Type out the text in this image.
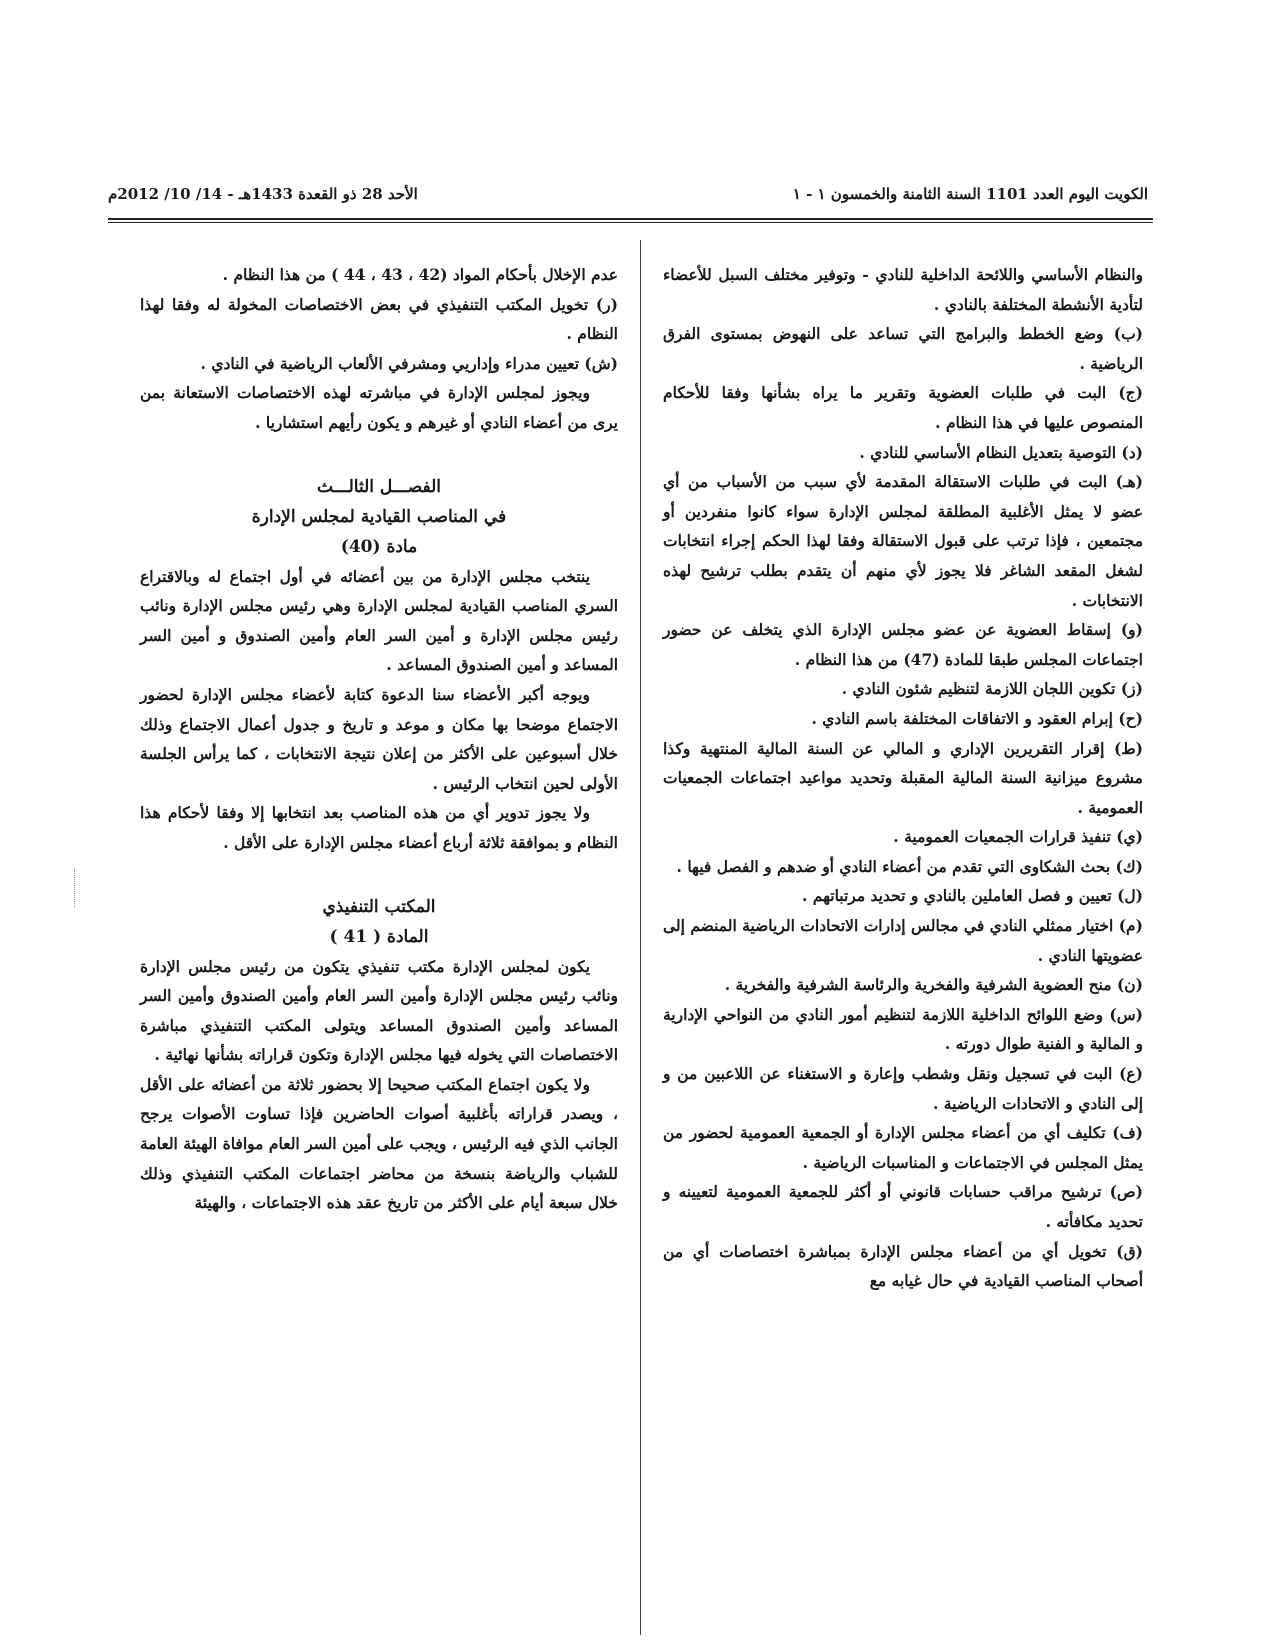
الكويت اليوم العدد 1101 السنة الثامنة والخمسون ١ - ١
الأحد 28 ذو القعدة 1433هـ - 14/ 10/ 2012م

والنظام الأساسي واللائحة الداخلية للنادي - وتوفير مختلف السبل للأعضاء لتأدية الأنشطة المختلفة بالنادي .

(ب) وضع الخطط والبرامج التي تساعد على النهوض بمستوى الفرق الرياضية .

(ج) البت في طلبات العضوية وتقرير ما يراه بشأنها وفقا للأحكام المنصوص عليها في هذا النظام .

(د) التوصية بتعديل النظام الأساسي للنادي .

(هـ) البت في طلبات الاستقالة المقدمة لأي سبب من الأسباب من أي عضو لا يمثل الأغلبية المطلقة لمجلس الإدارة سواء كانوا منفردين أو مجتمعين ، فإذا ترتب على قبول الاستقالة وفقا لهذا الحكم إجراء انتخابات لشغل المقعد الشاغر فلا يجوز لأي منهم أن يتقدم بطلب ترشيح لهذه الانتخابات .

(و) إسقاط العضوية عن عضو مجلس الإدارة الذي يتخلف عن حضور اجتماعات المجلس طبقا للمادة (47) من هذا النظام .

(ز) تكوين اللجان اللازمة لتنظيم شئون النادي .

(ح) إبرام العقود و الاتفاقات المختلفة باسم النادي .

(ط) إقرار التقريرين الإداري و المالي عن السنة المالية المنتهية وكذا مشروع ميزانية السنة المالية المقبلة وتحديد مواعيد اجتماعات الجمعيات العمومية .

(ي) تنفيذ قرارات الجمعيات العمومية .

(ك) بحث الشكاوى التي تقدم من أعضاء النادي أو ضدهم و الفصل فيها .

(ل) تعيين و فصل العاملين بالنادي و تحديد مرتباتهم .

(م) اختيار ممثلي النادي في مجالس إدارات الاتحادات الرياضية المنضم إلى عضويتها النادي .

(ن) منح العضوية الشرفية والفخرية والرئاسة الشرفية والفخرية .

(س) وضع اللوائح الداخلية اللازمة لتنظيم أمور النادي من النواحي الإدارية و المالية و الفنية طوال دورته .

(ع) البت في تسجيل ونقل وشطب وإعارة و الاستغناء عن اللاعبين من و إلى النادي و الاتحادات الرياضية .

(ف) تكليف أي من أعضاء مجلس الإدارة أو الجمعية العمومية لحضور من يمثل المجلس في الاجتماعات و المناسبات الرياضية .

(ص) ترشيح مراقب حسابات قانوني أو أكثر للجمعية العمومية لتعيينه و تحديد مكافأته .

(ق) تخويل أي من أعضاء مجلس الإدارة بمباشرة اختصاصات أي من أصحاب المناصب القيادية في حال غيابه مع

عدم الإخلال بأحكام المواد (42 ، 43 ، 44 ) من هذا النظام .

(ر) تخويل المكتب التنفيذي في بعض الاختصاصات المخولة له وفقا لهذا النظام .

(ش) تعيين مدراء وإداريي ومشرفي الألعاب الرياضية في النادي .

ويجوز لمجلس الإدارة في مباشرته لهذه الاختصاصات الاستعانة بمن يرى من أعضاء النادي أو غيرهم و يكون رأيهم استشاريا .

الفصـــل الثالـــث
في المناصب القيادية لمجلس الإدارة
مادة (40)

ينتخب مجلس الإدارة من بين أعضائه في أول اجتماع له وبالاقتراع السري المناصب القيادية لمجلس الإدارة وهي رئيس مجلس الإدارة ونائب رئيس مجلس الإدارة و أمين السر العام وأمين الصندوق و أمين السر المساعد و أمين الصندوق المساعد .

ويوجه أكبر الأعضاء سنا الدعوة كتابة لأعضاء مجلس الإدارة لحضور الاجتماع موضحا بها مكان و موعد و تاريخ و جدول أعمال الاجتماع وذلك خلال أسبوعين على الأكثر من إعلان نتيجة الانتخابات ، كما يرأس الجلسة الأولى لحين انتخاب الرئيس .

ولا يجوز تدوير أي من هذه المناصب بعد انتخابها إلا وفقا لأحكام هذا النظام و بموافقة ثلاثة أرباع أعضاء مجلس الإدارة على الأقل .

المكتب التنفيذي
المادة ( 41 )

يكون لمجلس الإدارة مكتب تنفيذي يتكون من رئيس مجلس الإدارة ونائب رئيس مجلس الإدارة وأمين السر العام وأمين الصندوق وأمين السر المساعد وأمين الصندوق المساعد ويتولى المكتب التنفيذي مباشرة الاختصاصات التي يخوله فيها مجلس الإدارة وتكون قراراته بشأنها نهائية .

ولا يكون اجتماع المكتب صحيحا إلا بحضور ثلاثة من أعضائه على الأقل ، ويصدر قراراته بأغلبية أصوات الحاضرين فإذا تساوت الأصوات يرجح الجانب الذي فيه الرئيس ، ويجب على أمين السر العام موافاة الهيئة العامة للشباب والرياضة بنسخة من محاضر اجتماعات المكتب التنفيذي وذلك خلال سبعة أيام على الأكثر من تاريخ عقد هذه الاجتماعات ، والهيئة
